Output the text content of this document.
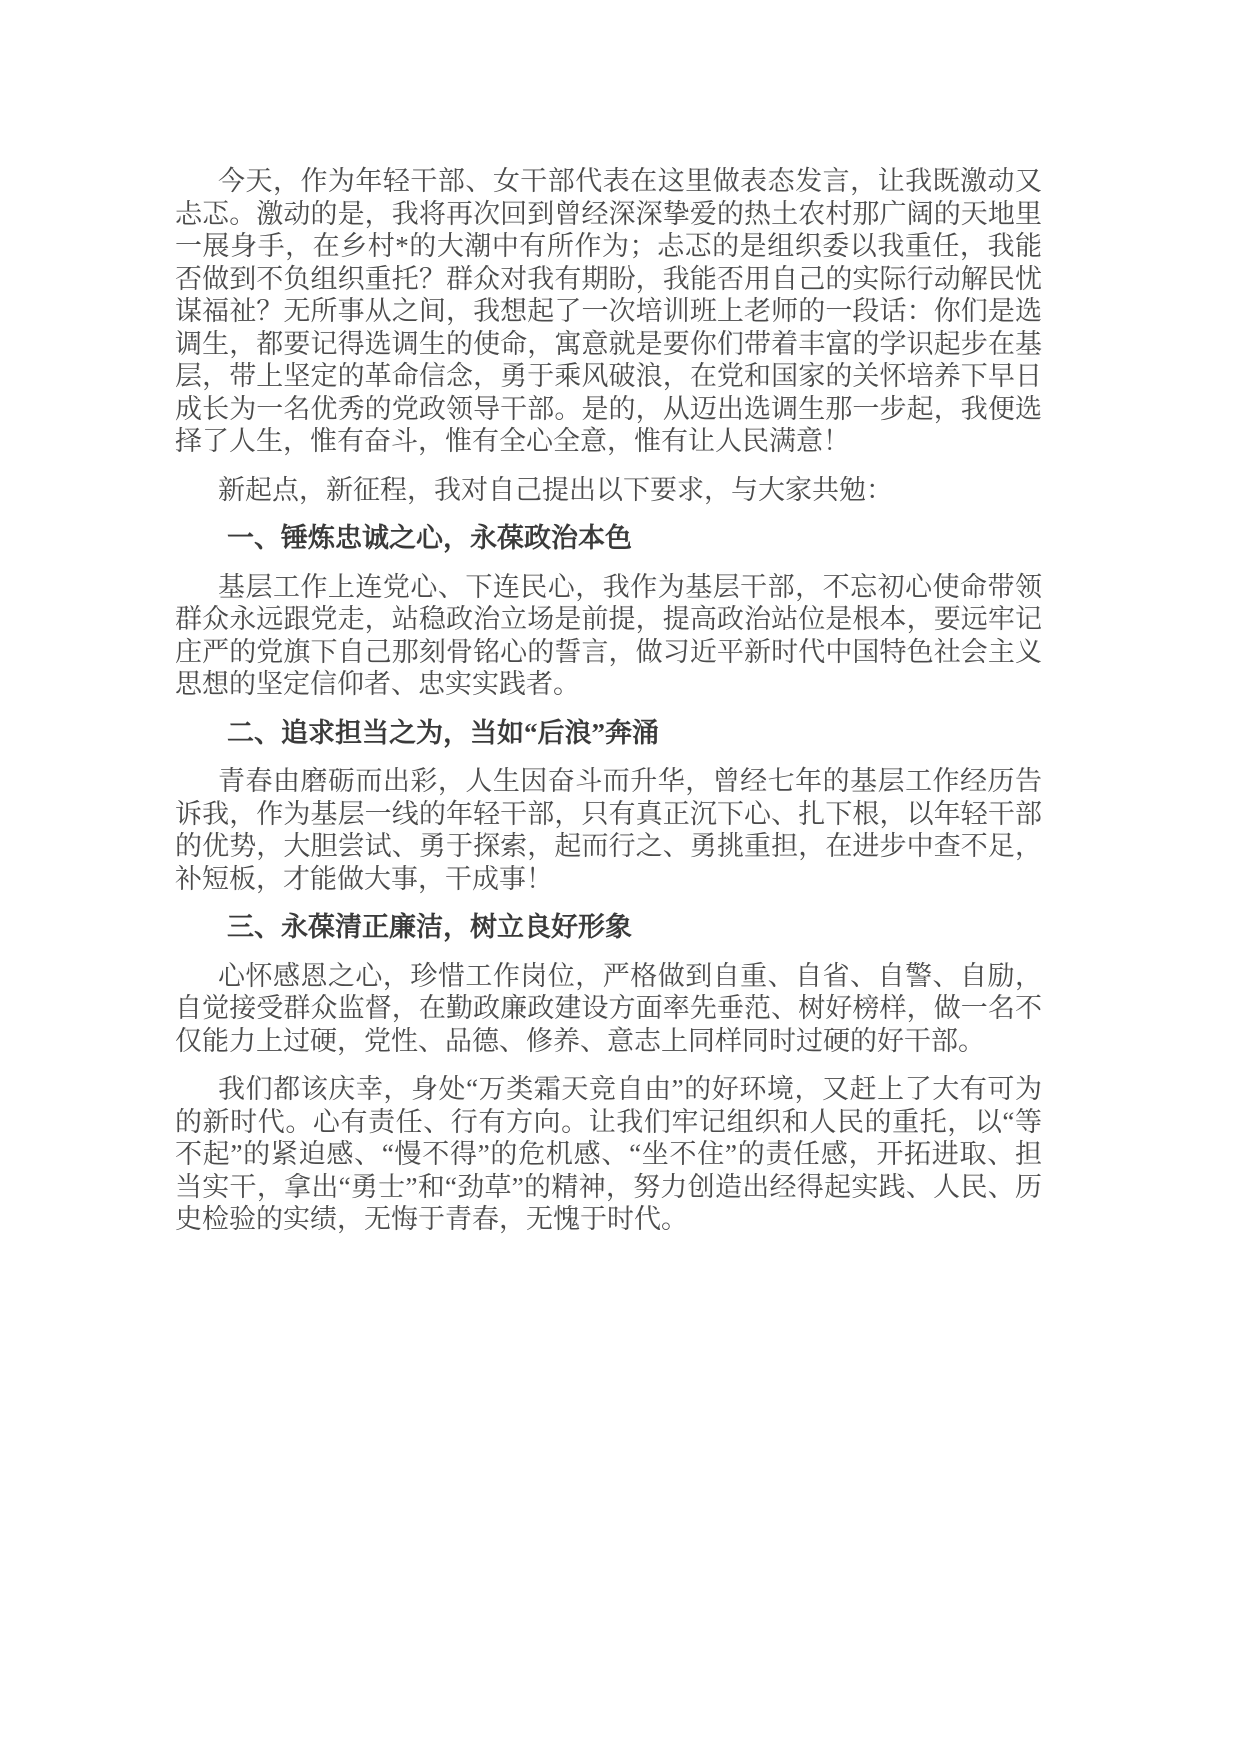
今天，作为年轻干部、女干部代表在这里做表态发言，让我既激动又忐忑。激动的是，我将再次回到曾经深深挚爱的热土农村那广阔的天地里一展身手，在乡村*的大潮中有所作为；忐忑的是组织委以我重任，我能否做到不负组织重托？群众对我有期盼，我能否用自己的实际行动解民忧谋福祉？无所事从之间，我想起了一次培训班上老师的一段话：你们是选调生，都要记得选调生的使命，寓意就是要你们带着丰富的学识起步在基层，带上坚定的革命信念，勇于乘风破浪，在党和国家的关怀培养下早日成长为一名优秀的党政领导干部。是的，从迈出选调生那一步起，我便选择了人生，惟有奋斗，惟有全心全意，惟有让人民满意！

新起点，新征程，我对自己提出以下要求，与大家共勉：

一、锤炼忠诚之心，永葆政治本色

基层工作上连党心、下连民心，我作为基层干部，不忘初心使命带领群众永远跟党走，站稳政治立场是前提，提高政治站位是根本，要远牢记庄严的党旗下自己那刻骨铭心的誓言，做习近平新时代中国特色社会主义思想的坚定信仰者、忠实实践者。

二、追求担当之为，当如“后浪”奔涌

青春由磨砺而出彩，人生因奋斗而升华，曾经七年的基层工作经历告诉我，作为基层一线的年轻干部，只有真正沉下心、扎下根，以年轻干部的优势，大胆尝试、勇于探索，起而行之、勇挑重担，在进步中查不足，补短板，才能做大事，干成事！

三、永葆清正廉洁，树立良好形象

心怀感恩之心，珍惜工作岗位，严格做到自重、自省、自警、自励，自觉接受群众监督，在勤政廉政建设方面率先垂范、树好榜样，做一名不仅能力上过硬，党性、品德、修养、意志上同样同时过硬的好干部。

我们都该庆幸，身处“万类霜天竞自由”的好环境，又赶上了大有可为的新时代。心有责任、行有方向。让我们牢记组织和人民的重托，以“等不起”的紧迫感、“慢不得”的危机感、“坐不住”的责任感，开拓进取、担当实干，拿出“勇士”和“劲草”的精神，努力创造出经得起实践、人民、历史检验的实绩，无悔于青春，无愧于时代。
